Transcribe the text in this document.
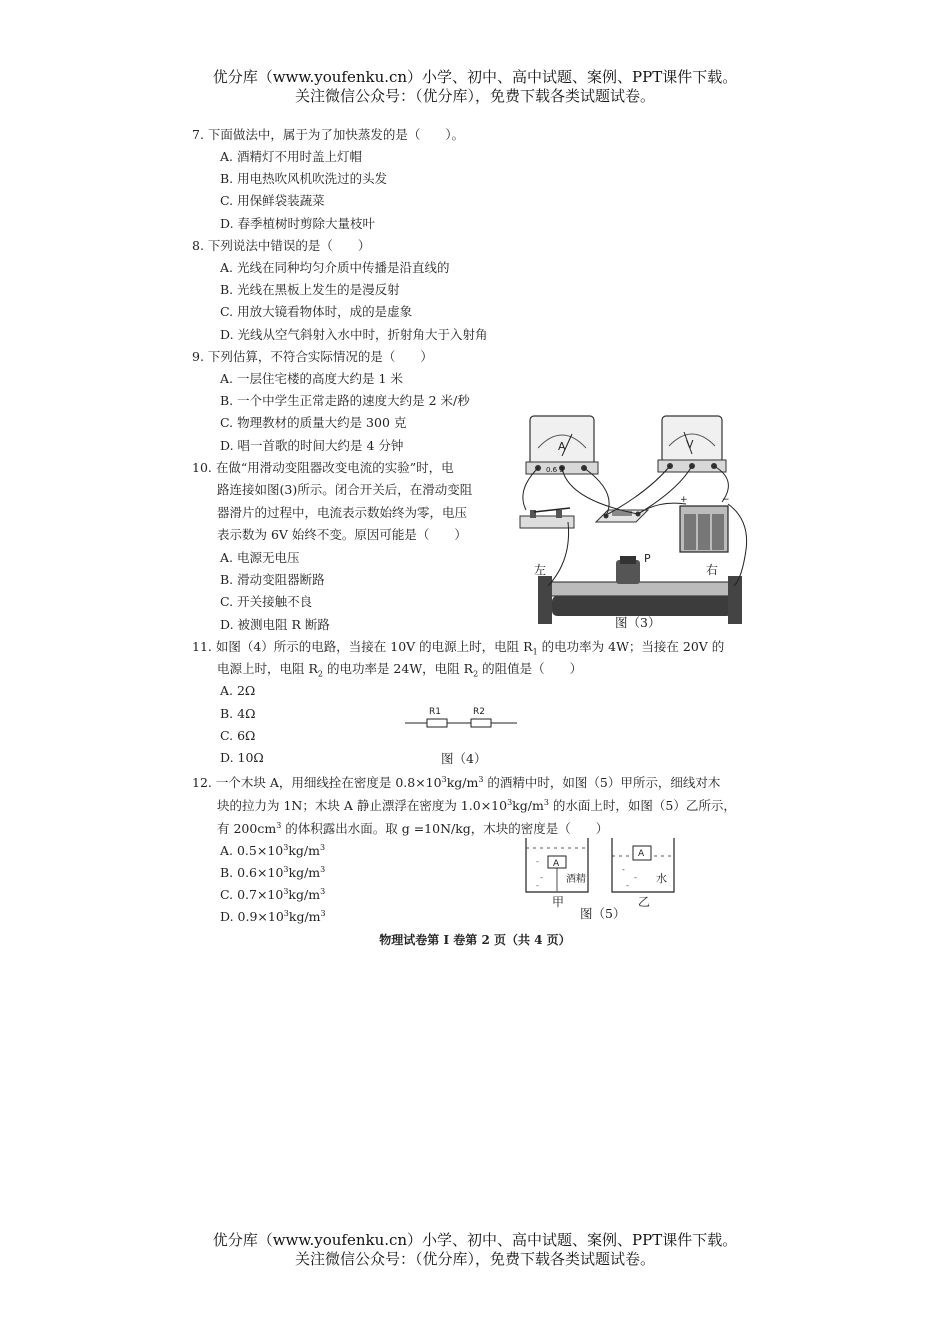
优分库（www.youfenku.cn）小学、初中、高中试题、案例、PPT课件下载。
关注微信公众号：（优分库），免费下载各类试题试卷。
7. 下面做法中，属于为了加快蒸发的是（　　）。
A. 酒精灯不用时盖上灯帽
B. 用电热吹风机吹洗过的头发
C. 用保鲜袋装蔬菜
D. 春季植树时剪除大量枝叶
8. 下列说法中错误的是（　　）
A. 光线在同种均匀介质中传播是沿直线的
B. 光线在黑板上发生的是漫反射
C. 用放大镜看物体时，成的是虚象
D. 光线从空气斜射入水中时，折射角大于入射角
9. 下列估算，不符合实际情况的是（　　）
A. 一层住宅楼的高度大约是 1 米
B. 一个中学生正常走路的速度大约是 2 米/秒
C. 物理教材的质量大约是 300 克
D. 唱一首歌的时间大约是 4 分钟
10. 在做“用滑动变阻器改变电流的实验”时，电
路连接如图(3)所示。闭合开关后，在滑动变阻
器滑片的过程中，电流表示数始终为零，电压
表示数为 6V 始终不变。原因可能是（　　）
A. 电源无电压
B. 滑动变阻器断路
C. 开关接触不良
D. 被测电阻 R 断路
A
0.6 3
V
+	−
左
P
右
图（3）
11. 如图（4）所示的电路，当接在 10V 的电源上时，电阻 $R_1$ 的电功率为 4W；当接在 20V 的
电源上时，电阻 $R_2$ 的电功率是 24W，电阻 $R_2$ 的阻值是（　　）
A. 2Ω
B. 4Ω
C. 6Ω
D. 10Ω
R1	R2
图（4）
12. 一个木块 A，用细线拴在密度是 $0.8\times 10^3kg/m^3$ 的酒精中时，如图（5）甲所示，细线对木
块的拉力为 1N；木块 A 静止漂浮在密度为 $1.0\times 10^3kg/m^3$ 的水面上时，如图（5）乙所示，
有 $200cm^3$ 的体积露出水面。取 g =10N/kg，木块的密度是（　　）
A. $0.5\times 10^3kg/m^3$
B. $0.6\times 10^3kg/m^3$
C. $0.7\times 10^3kg/m^3$
D. $0.9\times 10^3kg/m^3$
-
-
-
A
酒精
-
-
-
A
水
甲	乙
图（5）
物理试卷第 I 卷第 2 页（共 4 页）
优分库（www.youfenku.cn）小学、初中、高中试题、案例、PPT课件下载。
关注微信公众号：（优分库），免费下载各类试题试卷。
